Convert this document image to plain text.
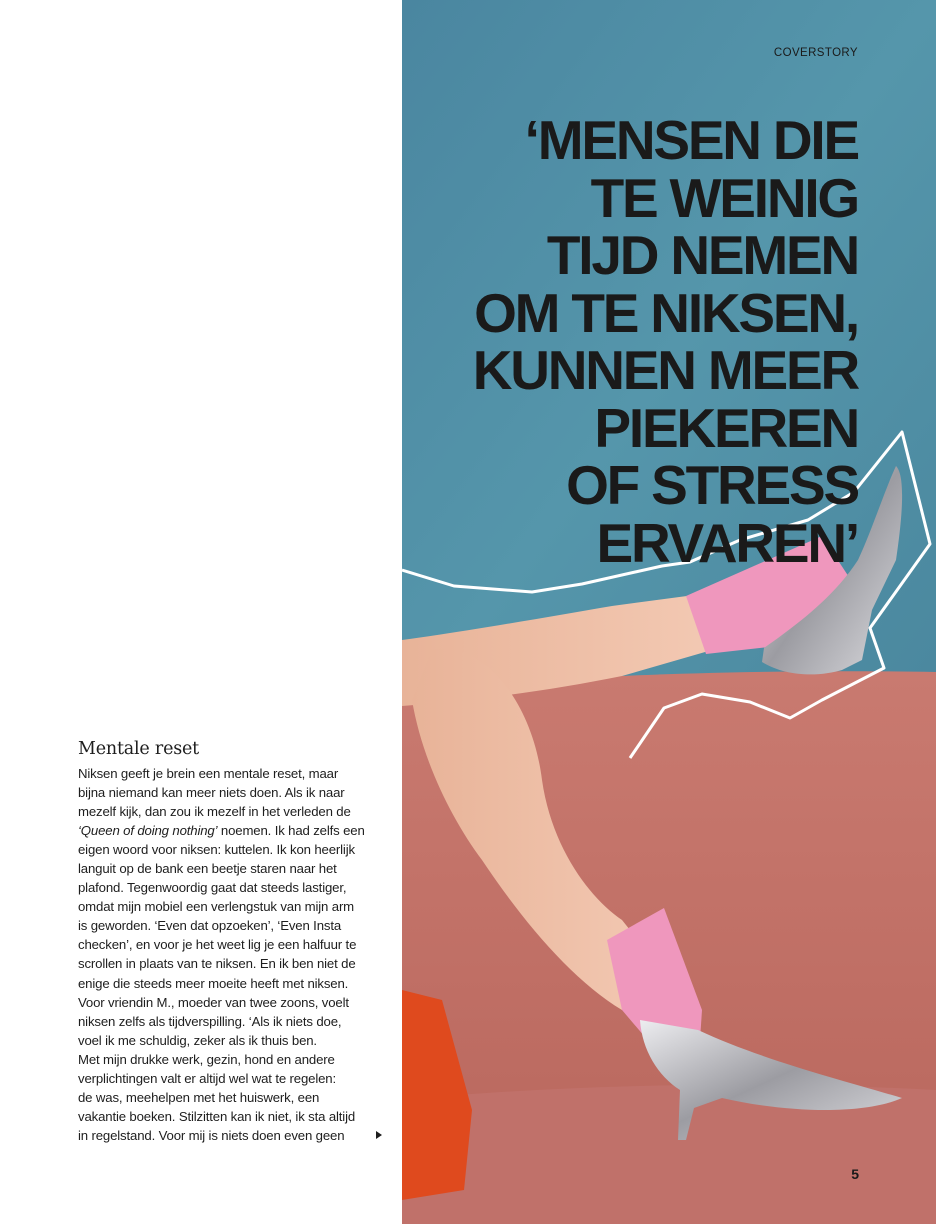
Mentale reset
Niksen geeft je brein een mentale reset, maar
bijna niemand kan meer niets doen. Als ik naar
mezelf kijk, dan zou ik mezelf in het verleden de
‘Queen of doing nothing’ noemen. Ik had zelfs een
eigen woord voor niksen: kuttelen. Ik kon heerlijk
languit op de bank een beetje staren naar het
plafond. Tegenwoordig gaat dat steeds lastiger,
omdat mijn mobiel een verlengstuk van mijn arm
is geworden. ‘Even dat opzoeken’, ‘Even Insta
checken’, en voor je het weet lig je een halfuur te
scrollen in plaats van te niksen. En ik ben niet de
enige die steeds meer moeite heeft met niksen.
Voor vriendin M., moeder van twee zoons, voelt
niksen zelfs als tijdverspilling. ‘Als ik niets doe,
voel ik me schuldig, zeker als ik thuis ben.
Met mijn drukke werk, gezin, hond en andere
verplichtingen valt er altijd wel wat te regelen:
de was, meehelpen met het huiswerk, een
vakantie boeken. Stilzitten kan ik niet, ik sta altijd
in regelstand. Voor mij is niets doen even geen
COVERSTORY
‘MENSEN DIE
TE WEINIG
TIJD NEMEN
OM TE NIKSEN,
KUNNEN MEER
PIEKEREN
OF STRESS
ERVAREN’
5
